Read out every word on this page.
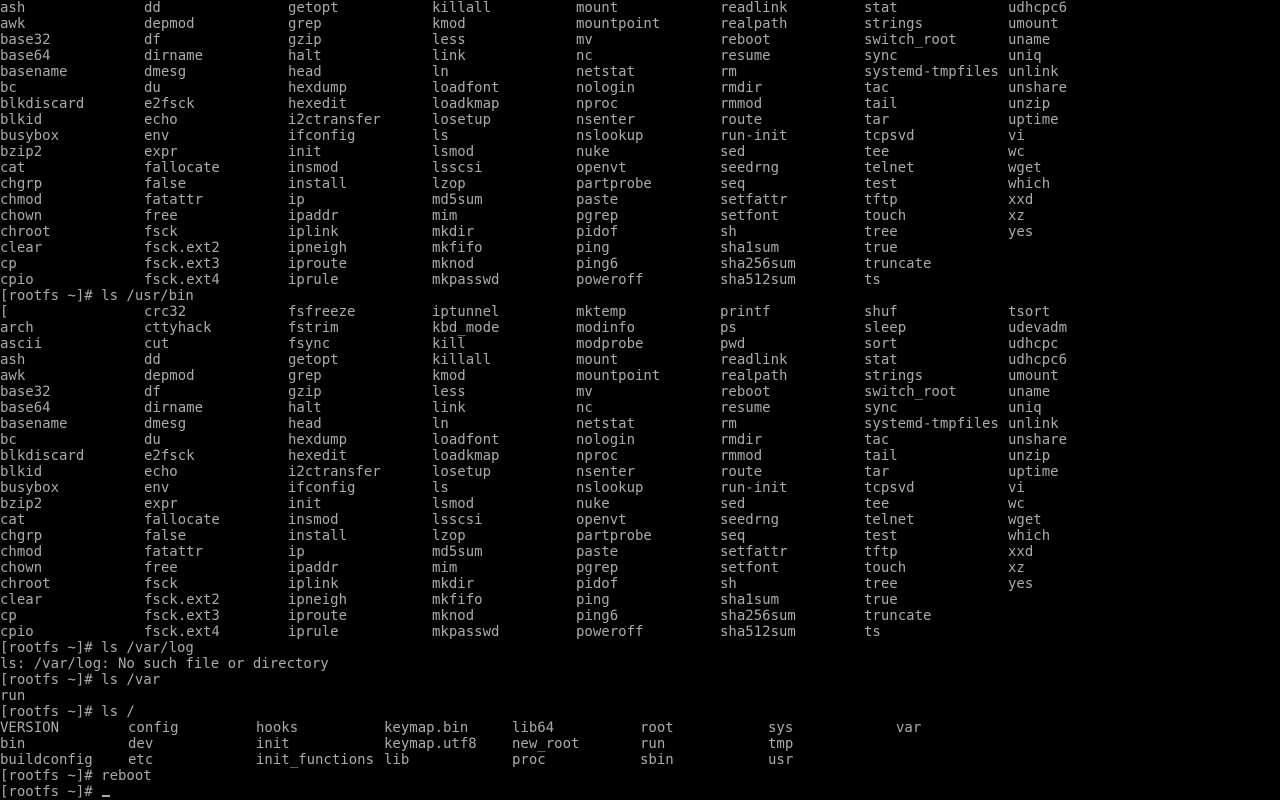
ash	dd	getopt	killall	mount	readlink	stat	udhcpc6
awk	depmod	grep	kmod	mountpoint	realpath	strings	umount
base32	df	gzip	less	mv	reboot	switch_root	uname
base64	dirname	halt	link	nc	resume	sync	uniq
basename	dmesg	head	ln	netstat	rm	systemd-tmpfiles unlink
bc	du	hexdump	loadfont	nologin	rmdir	tac	unshare
blkdiscard	e2fsck	hexedit	loadkmap	nproc	rmmod	tail	unzip
blkid	echo	i2ctransfer	losetup	nsenter	route	tar	uptime
busybox	env	ifconfig	ls	nslookup	run-init	tcpsvd	vi
bzip2	expr	init	lsmod	nuke	sed	tee	wc
cat	fallocate	insmod	lsscsi	openvt	seedrng	telnet	wget
chgrp	false	install	lzop	partprobe	seq	test	which
chmod	fatattr	ip	md5sum	paste	setfattr	tftp	xxd
chown	free	ipaddr	mim	pgrep	setfont	touch	xz
chroot	fsck	iplink	mkdir	pidof	sh	tree	yes
clear	fsck.ext2	ipneigh	mkfifo	ping	sha1sum	true
cp	fsck.ext3	iproute	mknod	ping6	sha256sum	truncate
cpio	fsck.ext4	iprule	mkpasswd	poweroff	sha512sum	ts
[rootfs ~]# ls /usr/bin
[	crc32	fsfreeze	iptunnel	mktemp	printf	shuf	tsort
arch	cttyhack	fstrim	kbd_mode	modinfo	ps	sleep	udevadm
ascii	cut	fsync	kill	modprobe	pwd	sort	udhcpc
ash	dd	getopt	killall	mount	readlink	stat	udhcpc6
awk	depmod	grep	kmod	mountpoint	realpath	strings	umount
base32	df	gzip	less	mv	reboot	switch_root	uname
base64	dirname	halt	link	nc	resume	sync	uniq
basename	dmesg	head	ln	netstat	rm	systemd-tmpfiles unlink
bc	du	hexdump	loadfont	nologin	rmdir	tac	unshare
blkdiscard	e2fsck	hexedit	loadkmap	nproc	rmmod	tail	unzip
blkid	echo	i2ctransfer	losetup	nsenter	route	tar	uptime
busybox	env	ifconfig	ls	nslookup	run-init	tcpsvd	vi
bzip2	expr	init	lsmod	nuke	sed	tee	wc
cat	fallocate	insmod	lsscsi	openvt	seedrng	telnet	wget
chgrp	false	install	lzop	partprobe	seq	test	which
chmod	fatattr	ip	md5sum	paste	setfattr	tftp	xxd
chown	free	ipaddr	mim	pgrep	setfont	touch	xz
chroot	fsck	iplink	mkdir	pidof	sh	tree	yes
clear	fsck.ext2	ipneigh	mkfifo	ping	sha1sum	true
cp	fsck.ext3	iproute	mknod	ping6	sha256sum	truncate
cpio	fsck.ext4	iprule	mkpasswd	poweroff	sha512sum	ts
[rootfs ~]# ls /var/log
ls: /var/log: No such file or directory
[rootfs ~]# ls /var
run
[rootfs ~]# ls /
VERSION	config	hooks	keymap.bin	lib64	root	sys	var
bin	dev	init	keymap.utf8	new_root	run	tmp
buildconfig	etc	init_functions lib	proc	sbin	usr
[rootfs ~]# reboot
[rootfs ~]#
